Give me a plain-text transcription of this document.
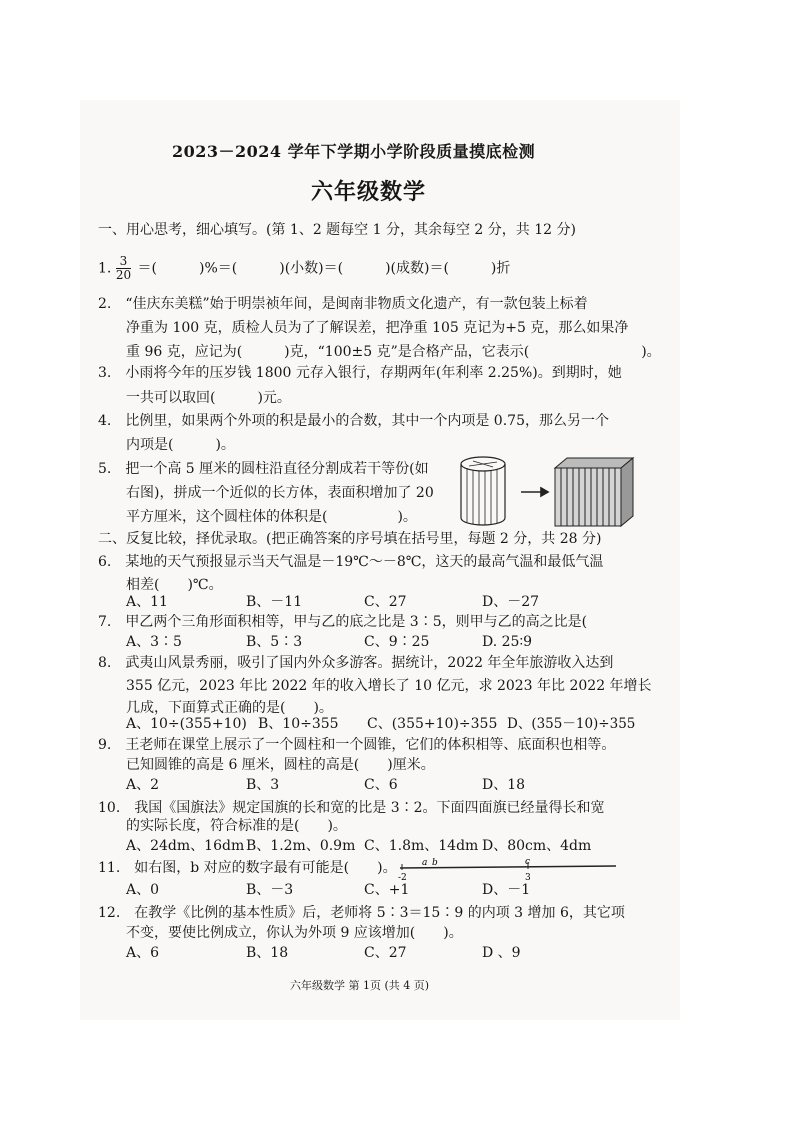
2023－2024 学年下学期小学阶段质量摸底检测
六年级数学
一、用心思考，细心填写。(第 1、2 题每空 1 分，其余每空 2 分，共 12 分)
1. $\frac{3}{20}$ ＝(　　　)%＝(　　　)(小数)＝(　　　)(成数)＝(　　　)折
2.　“佳庆东美糕”始于明崇祯年间，是闽南非物质文化遗产，有一款包装上标着
净重为 100 克，质检人员为了了解误差，把净重 105 克记为+5 克，那么如果净
重 96 克，应记为(　　　)克，“100±5 克”是合格产品，它表示(　　　　　　　　)。
3.　小雨将今年的压岁钱 1800 元存入银行，存期两年(年利率 2.25%)。到期时，她
一共可以取回(　　　)元。
4.　比例里，如果两个外项的积是最小的合数，其中一个内项是 0.75，那么另一个
内项是(　　　)。
5.　把一个高 5 厘米的圆柱沿直径分割成若干等份(如
右图)，拼成一个近似的长方体，表面积增加了 20
平方厘米，这个圆柱体的体积是(　　　　　)。
二、反复比较，择优录取。(把正确答案的序号填在括号里，每题 2 分，共 28 分)
6.　某地的天气预报显示当天气温是－19℃～－8℃，这天的最高气温和最低气温
相差(　　)℃。
A、11	B、－11	C、27	D、－27
7.　甲乙两个三角形面积相等，甲与乙的底之比是 3∶5，则甲与乙的高之比是(
A、3∶5	B、5∶3	C、9∶25	D. 25∶9
8.　武夷山风景秀丽，吸引了国内外众多游客。据统计，2022 年全年旅游收入达到
355 亿元，2023 年比 2022 年的收入增长了 10 亿元，求 2023 年比 2022 年增长
几成，下面算式正确的是(　　)。
A、10÷(355+10) B、10÷355 C、(355+10)÷355 D、(355－10)÷355
9.　王老师在课堂上展示了一个圆柱和一个圆锥，它们的体积相等、底面积也相等。
已知圆锥的高是 6 厘米，圆柱的高是(　　)厘米。
A、2	B、3	C、6	D、18
10.　我国《国旗法》规定国旗的长和宽的比是 3∶2。下面四面旗已经量得长和宽
的实际长度，符合标准的是(　　)。
A、24dm、16dm B、1.2m、0.9m C、1.8m、14dm D、80cm、4dm
11.　如右图，b 对应的数字最有可能是(　　)。	a b	c
-2	3
A、0	B、－3	C、+1	D、－1
12.　在教学《比例的基本性质》后，老师将 5∶3＝15∶9 的内项 3 增加 6，其它项
不变，要使比例成立，你认为外项 9 应该增加(　　)。
A、6	B、18	C、27	D 、9
六年级数学 第 1页 (共 4 页)
